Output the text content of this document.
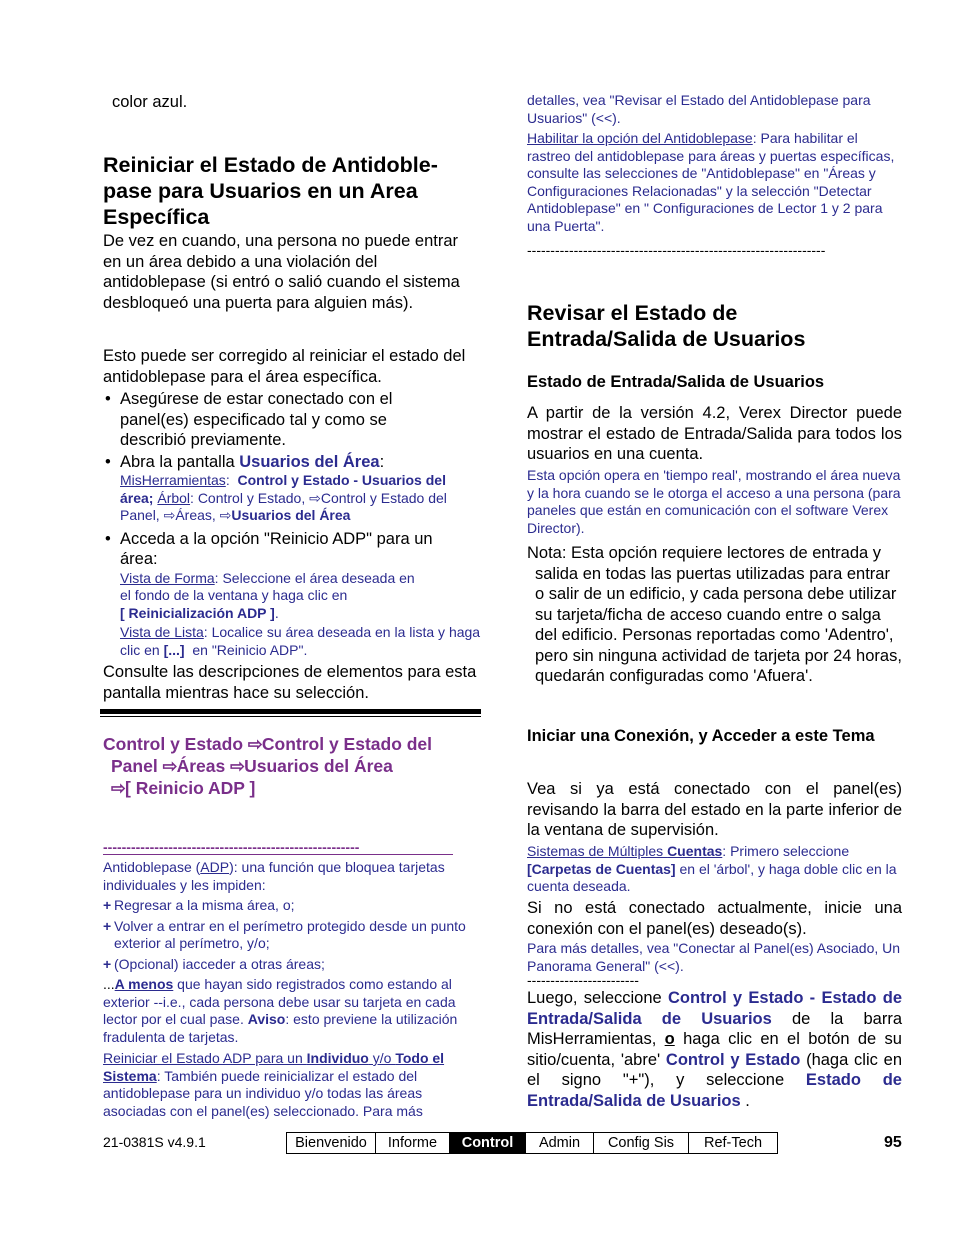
color azul.

Reiniciar el Estado de Antidoble-
pase para Usuarios en un Area
Específica

De vez en cuando, una persona no puede entrar en un área debido a una violación del antidoblepase (si entró o salió cuando el sistema desbloqueó una puerta para alguien más).

Esto puede ser corregido al reiniciar el estado del antidoblepase para el área específica.

• Asegúrese de estar conectado con el panel(es) especificado tal y como se describió previamente.
• Abra la pantalla Usuarios del Área:
MisHerramientas:  Control y Estado - Usuarios del área; Árbol: Control y Estado, ⇨Control y Estado del Panel, ⇨Áreas, ⇨Usuarios del Área
• Acceda a la opción "Reinicio ADP" para un área:
Vista de Forma: Seleccione el área deseada en el fondo de la ventana y haga clic en
[ Reinicialización ADP ].
Vista de Lista: Localice su área deseada en la lista y haga clic en [...] en "Reinicio ADP".

Consulte las descripciones de elementos para esta pantalla mientras hace su selección.

Control y Estado ⇨Control y Estado del
Panel ⇨Áreas ⇨Usuarios del Área
⇨[ Reinicio ADP ]
-------------------------------------------------------

Antidoblepase (ADP): una función que bloquea tarjetas individuales y les impiden:

+ Regresar a la misma área, o;
+ Volver a entrar en el perímetro protegido desde un punto exterior al perímetro, y/o;
+ (Opcional) iacceder a otras áreas;

...A menos que hayan sido registrados como estando al exterior --i.e., cada persona debe usar su tarjeta en cada lector por el cual pase. Aviso: esto previene la utilización fradulenta de tarjetas.

Reiniciar el Estado ADP para un Individuo y/o Todo el Sistema: También puede reinicializar el estado del antidoblepase para un individuo y/o todas las áreas asociadas con el panel(es) seleccionado. Para más

detalles, vea "Revisar el Estado del Antidoblepase para Usuarios" (<<).

Habilitar la opción del Antidoblepase: Para habilitar el rastreo del antidoblepase para áreas y puertas específicas, consulte las selecciones de "Antidoblepase" en "Áreas y Configuraciones Relacionadas" y la selección "Detectar Antidoblepase" en " Configuraciones de Lector 1 y 2 para una Puerta".

----------------------------------------------------------------
Revisar el Estado de
Entrada/Salida de Usuarios
Estado de Entrada/Salida de Usuarios

A partir de la versión 4.2, Verex Director puede mostrar el estado de Entrada/Salida para todos los usuarios en una cuenta.

Esta opción opera en 'tiempo real', mostrando el área nueva y la hora cuando se le otorga el acceso a una persona (para paneles que están en comunicación con el software Verex Director).

Nota: Esta opción requiere lectores de entrada y salida en todas las puertas utilizadas para entrar o salir de un edificio, y cada persona debe utilizar su tarjeta/ficha de acceso cuando entre o salga del edificio. Personas reportadas como 'Adentro', pero sin ninguna actividad de tarjeta por 24 horas, quedarán configuradas como 'Afuera'.

Iniciar una Conexión, y Acceder a este Tema

Vea si ya está conectado con el panel(es) revisando la barra del estado en la parte inferior de la ventana de supervisión.

Sistemas de Múltiples Cuentas: Primero seleccione [Carpetas de Cuentas] en el 'árbol', y haga doble clic en la cuenta deseada.

Si no está conectado actualmente, inicie una conexión con el panel(es) deseado(s).

Para más detalles, vea "Conectar al Panel(es) Asociado, Un Panorama General" (<<).

------------------------

Luego, seleccione Control y Estado - Estado de Entrada/Salida de Usuarios de la barra MisHerramientas, o haga clic en el botón de su sitio/cuenta, 'abre' Control y Estado (haga clic en el signo "+"), y seleccione Estado de Entrada/Salida de Usuarios .

21-0381S v4.9.1	Bienvenido	Informe	Control	Admin	Config Sis	Ref-Tech	95
